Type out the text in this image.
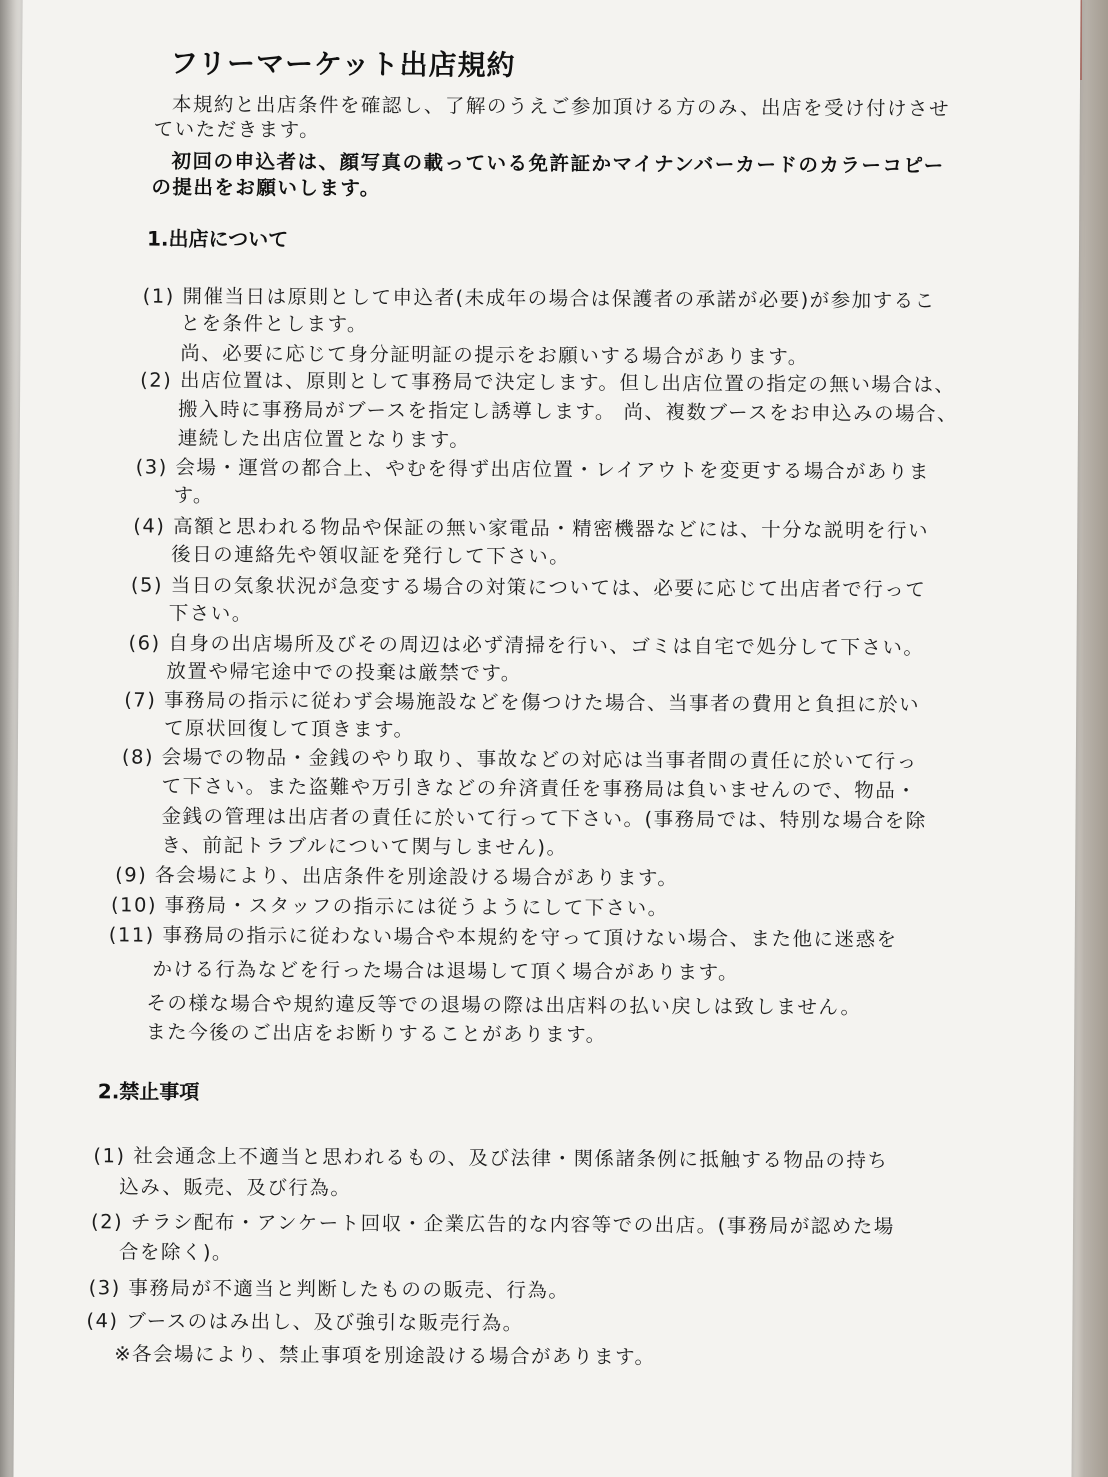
フリーマーケット出店規約
本規約と出店条件を確認し、了解のうえご参加頂ける方のみ、出店を受け付けさせ
ていただきます。
初回の申込者は、顔写真の載っている免許証かマイナンバーカードのカラーコピー
の提出をお願いします。
1.出店について
(1) 開催当日は原則として申込者(未成年の場合は保護者の承諾が必要)が参加するこ
とを条件とします。
尚、必要に応じて身分証明証の提示をお願いする場合があります。
(2) 出店位置は、原則として事務局で決定します。但し出店位置の指定の無い場合は、
搬入時に事務局がブースを指定し誘導します。 尚、複数ブースをお申込みの場合、
連続した出店位置となります。
(3) 会場・運営の都合上、やむを得ず出店位置・レイアウトを変更する場合がありま
す。
(4) 高額と思われる物品や保証の無い家電品・精密機器などには、十分な説明を行い
後日の連絡先や領収証を発行して下さい。
(5) 当日の気象状況が急変する場合の対策については、必要に応じて出店者で行って
下さい。
(6) 自身の出店場所及びその周辺は必ず清掃を行い、ゴミは自宅で処分して下さい。
放置や帰宅途中での投棄は厳禁です。
(7) 事務局の指示に従わず会場施設などを傷つけた場合、当事者の費用と負担に於い
て原状回復して頂きます。
(8) 会場での物品・金銭のやり取り、事故などの対応は当事者間の責任に於いて行っ
て下さい。また盗難や万引きなどの弁済責任を事務局は負いませんので、物品・
金銭の管理は出店者の責任に於いて行って下さい。(事務局では、特別な場合を除
き、前記トラブルについて関与しません)。
(9) 各会場により、出店条件を別途設ける場合があります。
(10) 事務局・スタッフの指示には従うようにして下さい。
(11) 事務局の指示に従わない場合や本規約を守って頂けない場合、また他に迷惑を
かける行為などを行った場合は退場して頂く場合があります。
その様な場合や規約違反等での退場の際は出店料の払い戻しは致しません。
また今後のご出店をお断りすることがあります。
2.禁止事項
(1) 社会通念上不適当と思われるもの、及び法律・関係諸条例に抵触する物品の持ち
込み、販売、及び行為。
(2) チラシ配布・アンケート回収・企業広告的な内容等での出店。(事務局が認めた場
合を除く)。
(3) 事務局が不適当と判断したものの販売、行為。
(4) ブースのはみ出し、及び強引な販売行為。
※各会場により、禁止事項を別途設ける場合があります。
